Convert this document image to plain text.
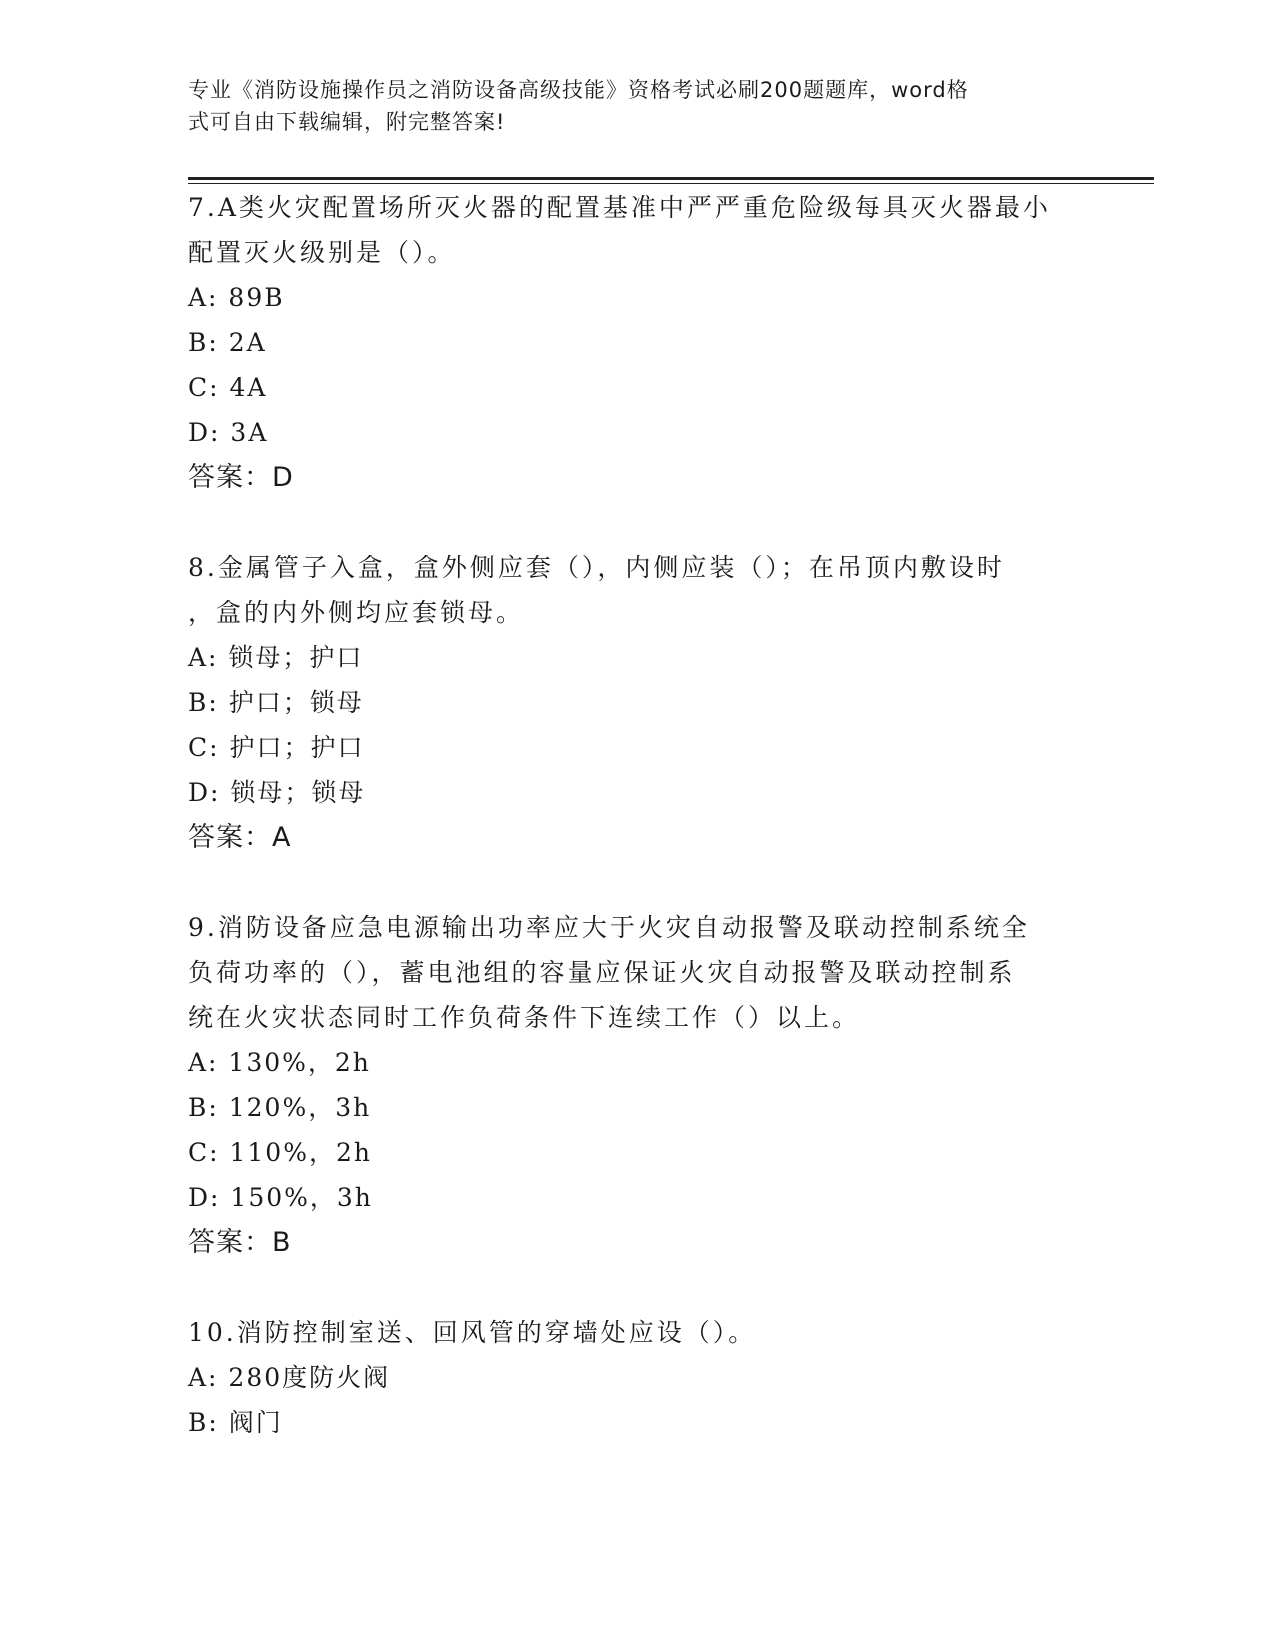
专业《消防设施操作员之消防设备高级技能》资格考试必刷200题题库，word格
式可自由下载编辑，附完整答案!
7.A类火灾配置场所灭火器的配置基准中严严重危险级每具灭火器最小
配置灭火级别是（）。
A: 89B
B: 2A
C: 4A
D: 3A
答案：D
8.金属管子入盒，盒外侧应套（），内侧应装（）；在吊顶内敷设时
，盒的内外侧均应套锁母。
A: 锁母；护口
B: 护口；锁母
C: 护口；护口
D: 锁母；锁母
答案：A
9.消防设备应急电源输出功率应大于火灾自动报警及联动控制系统全
负荷功率的（），蓄电池组的容量应保证火灾自动报警及联动控制系
统在火灾状态同时工作负荷条件下连续工作（）以上。
A: 130%，2h
B: 120%，3h
C: 110%，2h
D: 150%，3h
答案：B
10.消防控制室送、回风管的穿墙处应设（）。
A: 280度防火阀
B: 阀门
